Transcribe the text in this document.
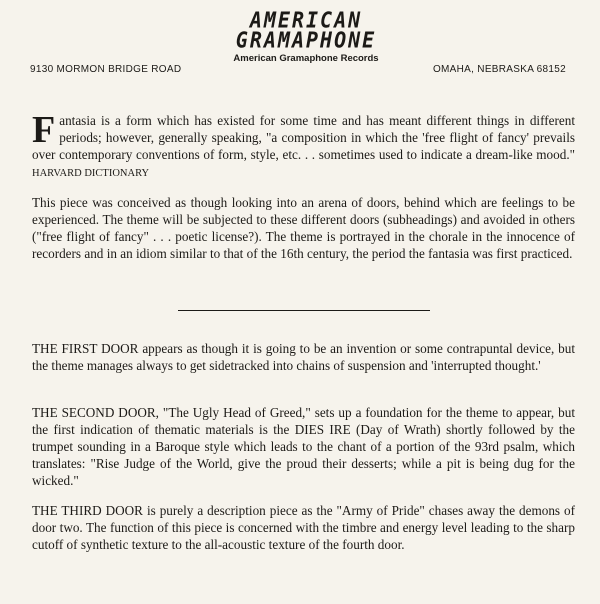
9130 MORMON BRIDGE ROAD
AMERICAN
GRAMAPHONE
American Gramaphone Records
OMAHA, NEBRASKA 68152
Fantasia is a form which has existed for some time and has meant different things in different periods; however, generally speaking, "a composition in which the 'free flight of fancy' prevails over contemporary conventions of form, style, etc. . . sometimes used to indicate a dream-like mood." HARVARD DICTIONARY
This piece was conceived as though looking into an arena of doors, behind which are feelings to be experienced. The theme will be subjected to these different doors (subheadings) and avoided in others ("free flight of fancy" . . . poetic license?). The theme is portrayed in the chorale in the innocence of recorders and in an idiom similar to that of the 16th century, the period the fantasia was first practiced.
THE FIRST DOOR appears as though it is going to be an invention or some contrapuntal device, but the theme manages always to get sidetracked into chains of suspension and 'interrupted thought.'
THE SECOND DOOR, "The Ugly Head of Greed," sets up a foundation for the theme to appear, but the first indication of thematic materials is the DIES IRE (Day of Wrath) shortly followed by the trumpet sounding in a Baroque style which leads to the chant of a portion of the 93rd psalm, which translates: "Rise Judge of the World, give the proud their desserts; while a pit is being dug for the wicked."
THE THIRD DOOR is purely a description piece as the "Army of Pride" chases away the demons of door two. The function of this piece is concerned with the timbre and energy level leading to the sharp cutoff of synthetic texture to the all-acoustic texture of the fourth door.
